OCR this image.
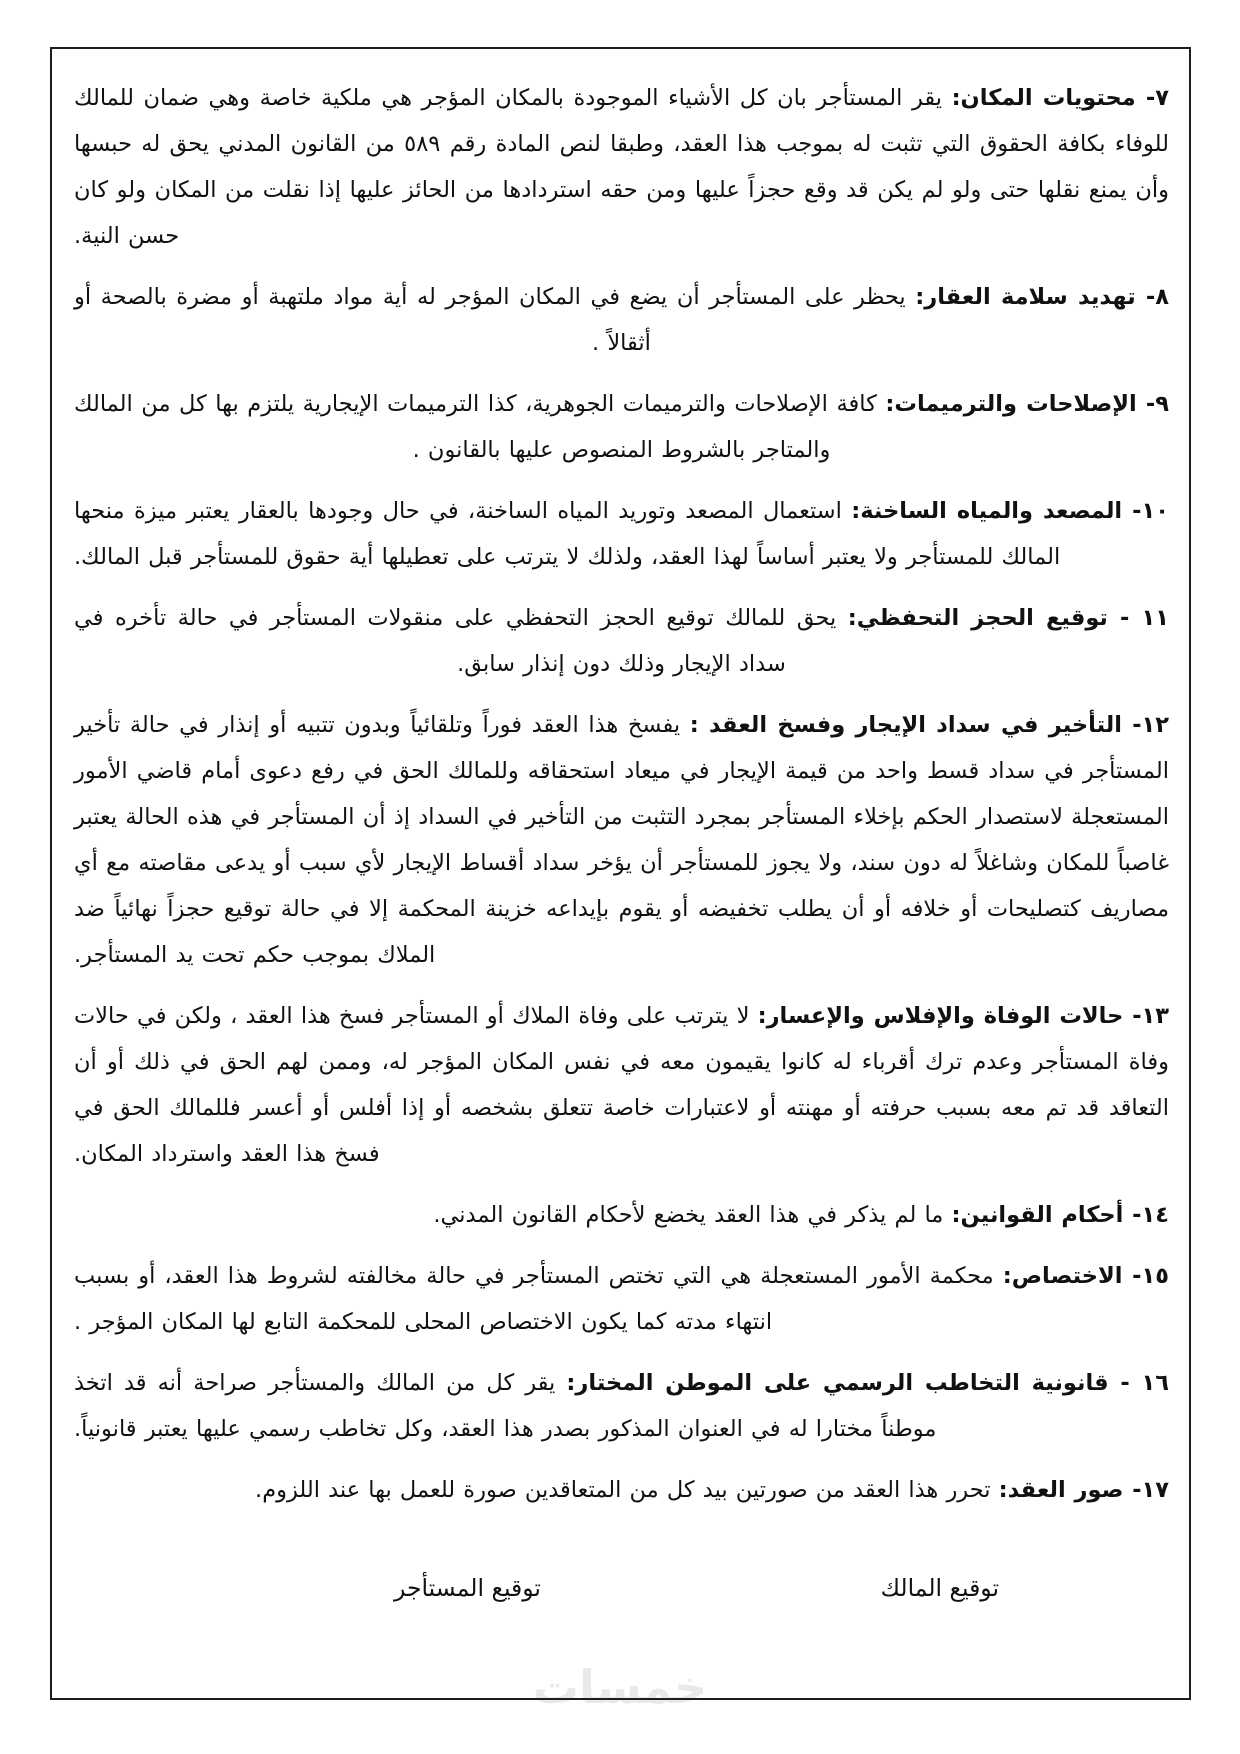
خمسات

٧- محتويات المكان: يقر المستأجر بان كل الأشياء الموجودة بالمكان المؤجر هي ملكية خاصة وهي ضمان للمالك للوفاء بكافة الحقوق التي تثبت له بموجب هذا العقد، وطبقا لنص المادة رقم ٥٨٩ من القانون المدني يحق له حبسها وأن يمنع نقلها حتى ولو لم يكن قد وقع حجزاً عليها ومن حقه استردادها من الحائز عليها إذا نقلت من المكان ولو كان حسن النية.

٨- تهديد سلامة العقار: يحظر على المستأجر أن يضع في المكان المؤجر له أية مواد ملتهبة أو مضرة بالصحة أو أثقالاً .

٩- الإصلاحات والترميمات: كافة الإصلاحات والترميمات الجوهرية، كذا الترميمات الإيجارية يلتزم بها كل من المالك والمتاجر بالشروط المنصوص عليها بالقانون .

١٠- المصعد والمياه الساخنة: استعمال المصعد وتوريد المياه الساخنة، في حال وجودها بالعقار يعتبر ميزة منحها المالك للمستأجر ولا يعتبر أساساً لهذا العقد، ولذلك لا يترتب على تعطيلها أية حقوق للمستأجر قبل المالك.

١١ - توقيع الحجز التحفظي: يحق للمالك توقيع الحجز التحفظي على منقولات المستأجر في حالة تأخره في سداد الإيجار وذلك دون إنذار سابق.

١٢- التأخير في سداد الإيجار وفسخ العقد : يفسخ هذا العقد فوراً وتلقائياً وبدون تتبيه أو إنذار في حالة تأخير المستأجر في سداد قسط واحد من قيمة الإيجار في ميعاد استحقاقه وللمالك الحق في رفع دعوى أمام قاضي الأمور المستعجلة لاستصدار الحكم بإخلاء المستأجر بمجرد التثبت من التأخير في السداد إذ أن المستأجر في هذه الحالة يعتبر غاصباً للمكان وشاغلاً له دون سند، ولا يجوز للمستأجر أن يؤخر سداد أقساط الإيجار لأي سبب أو يدعى مقاصته مع أي مصاريف كتصليحات أو خلافه أو أن يطلب تخفيضه أو يقوم بإيداعه خزينة المحكمة إلا في حالة توقيع حجزاً نهائياً ضد الملاك بموجب حكم تحت يد المستأجر.

١٣- حالات الوفاة والإفلاس والإعسار: لا يترتب على وفاة الملاك أو المستأجر فسخ هذا العقد ، ولكن في حالات وفاة المستأجر وعدم ترك أقرباء له كانوا يقيمون معه في نفس المكان المؤجر له، وممن لهم الحق في ذلك أو أن التعاقد قد تم معه بسبب حرفته أو مهنته أو لاعتبارات خاصة تتعلق بشخصه أو إذا أفلس أو أعسر فللمالك الحق في فسخ هذا العقد واسترداد المكان.

١٤- أحكام القوانين: ما لم يذكر في هذا العقد يخضع لأحكام القانون المدني.

١٥- الاختصاص: محكمة الأمور المستعجلة هي التي تختص المستأجر في حالة مخالفته لشروط هذا العقد، أو بسبب انتهاء مدته كما يكون الاختصاص المحلى للمحكمة التابع لها المكان المؤجر .

١٦ - قانونية التخاطب الرسمي على الموطن المختار: يقر كل من المالك والمستأجر صراحة أنه قد اتخذ موطناً مختارا له في العنوان المذكور بصدر هذا العقد، وكل تخاطب رسمي عليها يعتبر قانونياً.

١٧- صور العقد: تحرر هذا العقد من صورتين بيد كل من المتعاقدين صورة للعمل بها عند اللزوم.

توقيع المالك
توقيع المستأجر
